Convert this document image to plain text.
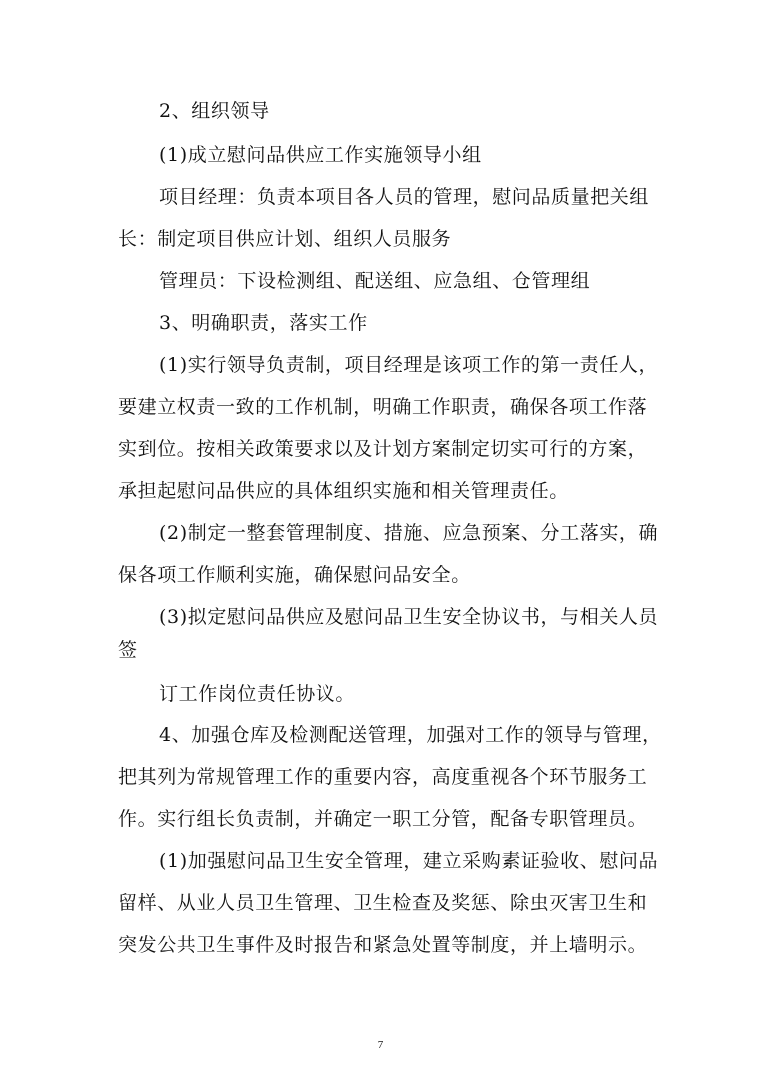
2、组织领导
(1)成立慰问品供应工作实施领导小组
项目经理：负责本项目各人员的管理，慰问品质量把关组
长：制定项目供应计划、组织人员服务
管理员：下设检测组、配送组、应急组、仓管理组
3、明确职责，落实工作
(1)实行领导负责制，项目经理是该项工作的第一责任人，
要建立权责一致的工作机制，明确工作职责，确保各项工作落
实到位。按相关政策要求以及计划方案制定切实可行的方案，
承担起慰问品供应的具体组织实施和相关管理责任。
(2)制定一整套管理制度、措施、应急预案、分工落实，确
保各项工作顺利实施，确保慰问品安全。
(3)拟定慰问品供应及慰问品卫生安全协议书，与相关人员
签
订工作岗位责任协议。
4、加强仓库及检测配送管理，加强对工作的领导与管理，
把其列为常规管理工作的重要内容，高度重视各个环节服务工
作。实行组长负责制，并确定一职工分管，配备专职管理员。
(1)加强慰问品卫生安全管理，建立采购素证验收、慰问品
留样、从业人员卫生管理、卫生检查及奖惩、除虫灭害卫生和
突发公共卫生事件及时报告和紧急处置等制度，并上墙明示。
7
